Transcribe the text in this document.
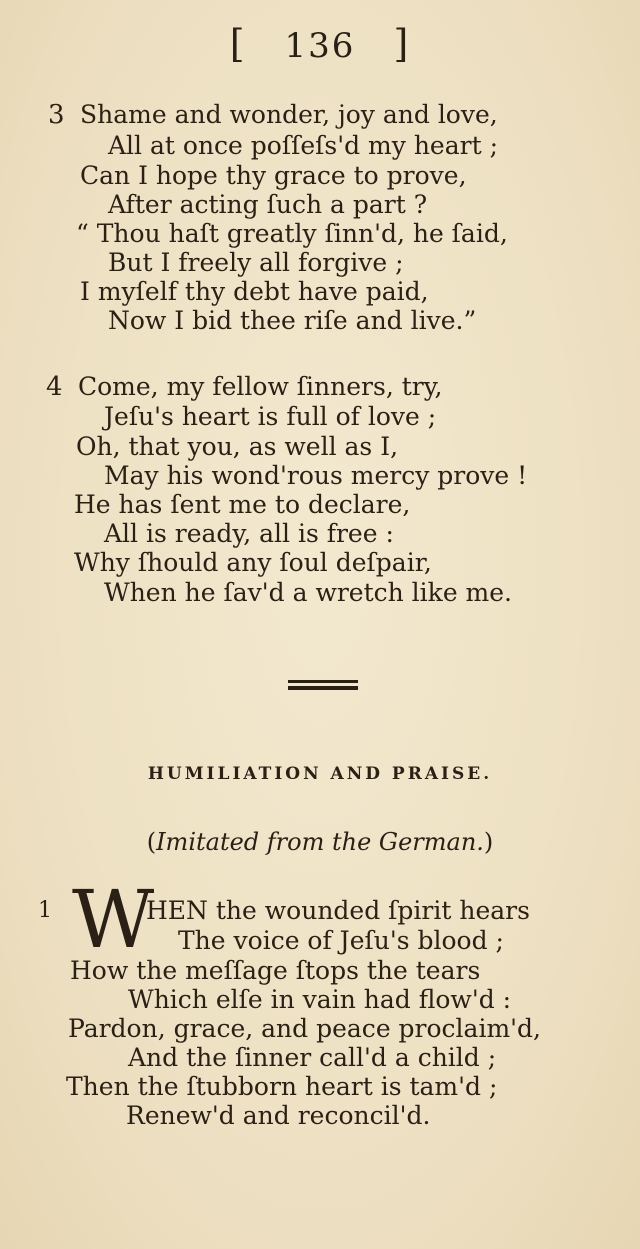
[ 136 ]
3 Shame and wonder, joy and love,
All at once poſſeſs'd my heart ;
Can I hope thy grace to prove,
After acting ſuch a part ?
“ Thou haſt greatly ſinn'd, he ſaid,
But I freely all forgive ;
I myſelf thy debt have paid,
Now I bid thee riſe and live.”
4 Come, my fellow ſinners, try,
Jeſu's heart is full of love ;
Oh, that you, as well as I,
May his wond'rous mercy prove !
He has ſent me to declare,
All is ready, all is free :
Why ſhould any ſoul deſpair,
When he ſav'd a wretch like me.
HUMILIATION AND PRAISE.
(Imitated from the German.)
1 W
HEN the wounded ſpirit hears
The voice of Jeſu's blood ;
How the meſſage ſtops the tears
Which elſe in vain had flow'd :
Pardon, grace, and peace proclaim'd,
And the ſinner call'd a child ;
Then the ſtubborn heart is tam'd ;
Renew'd and reconcil'd.
